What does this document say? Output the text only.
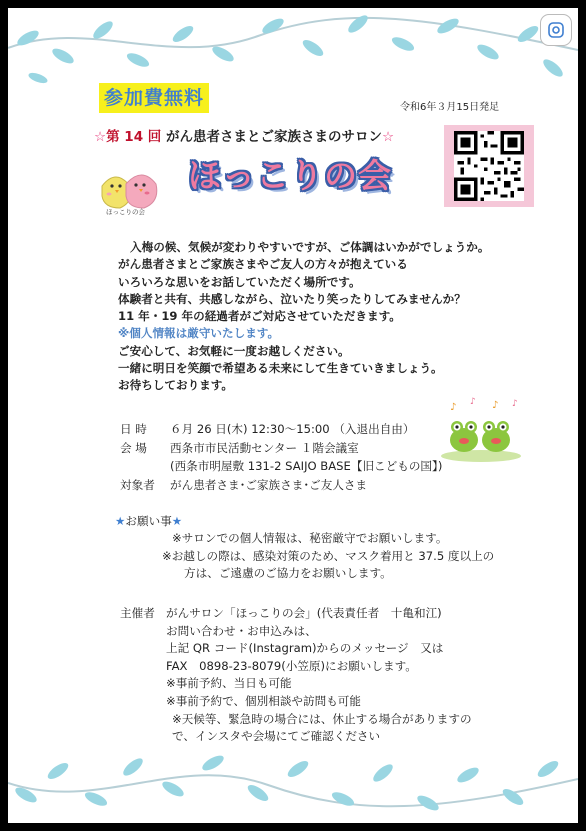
参加費無料	令和6年３月15日発足
☆第 14 回 がん患者さまとご家族さまのサロン☆
ほっこりの会
ほっこりの会

入梅の候、気候が変わりやすいですが、ご体調はいかがでしょうか。

がん患者さまとご家族さまやご友人の方々が抱えている

いろいろな思いをお話していただく場所です。

体験者と共有、共感しながら、泣いたり笑ったりしてみませんか？

11 年・19 年の経過者がご対応させていただきます。

※個人情報は厳守いたします。

ご安心して、お気軽に一度お越しください。

一緒に明日を笑顔で希望ある未来にして生きていきましょう。

お待ちしております。

♪ ♪ ♪ ♪
日 時 ６月 26 日(木) 12:30～15:00 （入退出自由）
会 場 西条市市民活動センター １階会議室
(西条市明屋敷 131-2 SAIJO BASE【旧こどもの国】)
対象者 がん患者さま･ご家族さま･ご友人さま
★お願い事★
※サロンでの個人情報は、秘密厳守でお願いします。
※お越しの際は、感染対策のため、マスク着用と 37.5 度以上の
方は、ご遠慮のご協力をお願いします。
主催者 がんサロン「ほっこりの会」(代表責任者　十亀和江)
お問い合わせ・お申込みは、
上記 QR コード(Instagram)からのメッセージ　又は
FAX　0898-23-8079(小笠原)にお願いします。
※事前予約、当日も可能
※事前予約で、個別相談や訪問も可能
※天候等、緊急時の場合には、休止する場合がありますの
で、インスタや会場にてご確認ください
